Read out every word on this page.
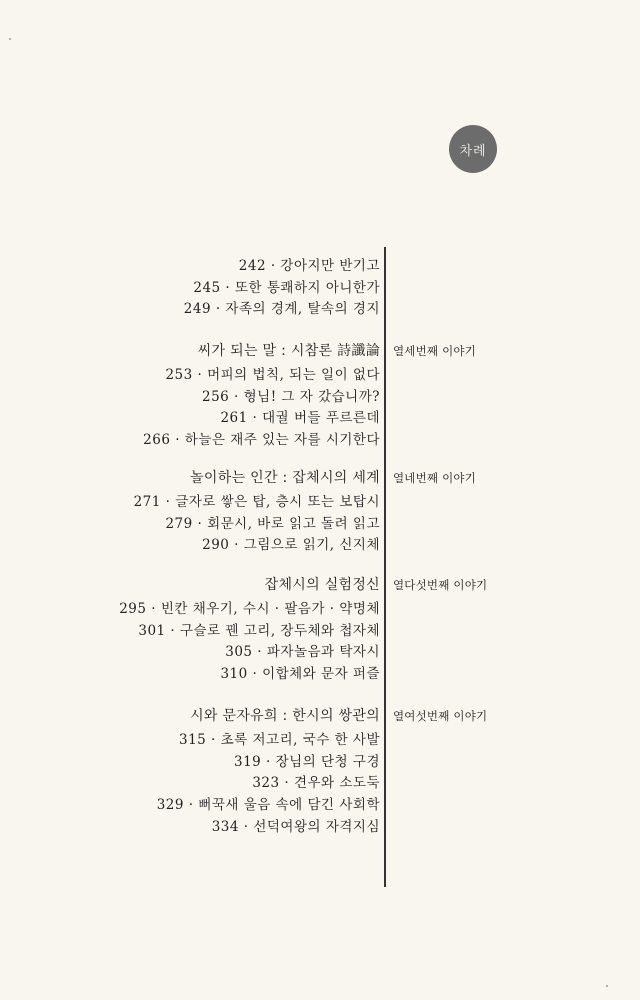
차례
242 · 강아지만 반기고
245 · 또한 통쾌하지 아니한가
249 · 자족의 경계, 탈속의 경지
씨가 되는 말 : 시참론 詩讖論 열세번째 이야기
253 · 머피의 법칙, 되는 일이 없다
256 · 형님! 그 자 갔습니까?
261 · 대궐 버들 푸르른데
266 · 하늘은 재주 있는 자를 시기한다
놀이하는 인간 : 잡체시의 세계 열네번째 이야기
271 · 글자로 쌓은 탑, 층시 또는 보탑시
279 · 회문시, 바로 읽고 돌려 읽고
290 · 그림으로 읽기, 신지체
잡체시의 실험정신 열다섯번째 이야기
295 · 빈칸 채우기, 수시 · 팔음가 · 약명체
301 · 구슬로 꿴 고리, 장두체와 첩자체
305 · 파자놀음과 탁자시
310 · 이합체와 문자 퍼즐
시와 문자유희 : 한시의 쌍관의 열여섯번째 이야기
315 · 초록 저고리, 국수 한 사발
319 · 장님의 단청 구경
323 · 견우와 소도둑
329 · 뻐꾹새 울음 속에 담긴 사회학
334 · 선덕여왕의 자격지심
